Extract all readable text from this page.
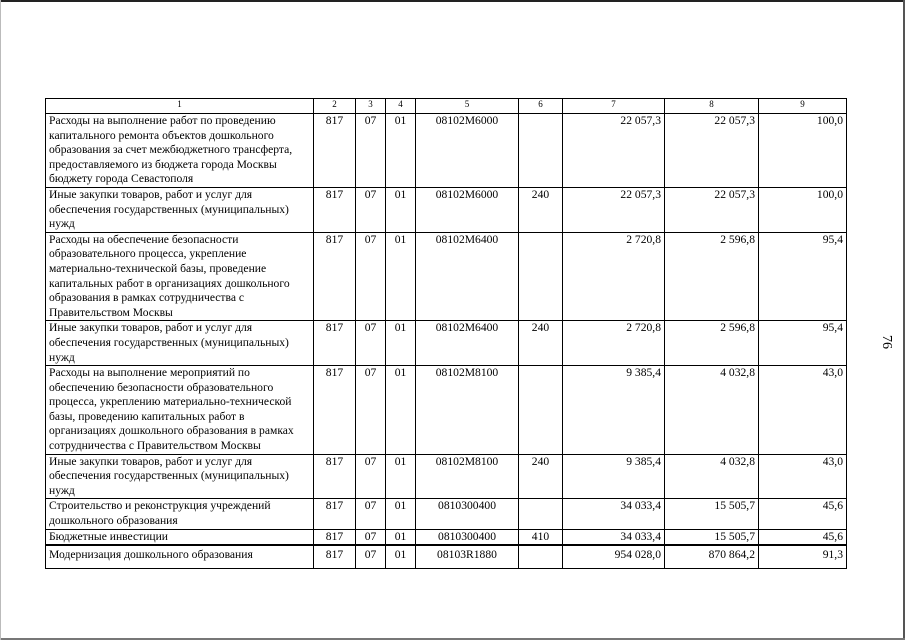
1	2	3	4	5	6	7	8	9
Расходы на выполнение работ по проведению капитального ремонта объектов дошкольного образования за счет межбюджетного трансферта, предоставляемого из бюджета города Москвы бюджету города Севастополя	817	07	01	08102М6000		22 057,3	22 057,3	100,0
Иные закупки товаров, работ и услуг для обеспечения государственных (муниципальных) нужд	817	07	01	08102М6000	240	22 057,3	22 057,3	100,0
Расходы на обеспечение безопасности образовательного процесса, укрепление материально-технической базы, проведение капитальных работ в организациях дошкольного образования в рамках сотрудничества с Правительством Москвы	817	07	01	08102М6400		2 720,8	2 596,8	95,4
Иные закупки товаров, работ и услуг для обеспечения государственных (муниципальных) нужд	817	07	01	08102М6400	240	2 720,8	2 596,8	95,4
Расходы на выполнение мероприятий по обеспечению безопасности образовательного процесса, укреплению материально-технической базы, проведению капитальных работ в организациях дошкольного образования в рамках сотрудничества с Правительством Москвы	817	07	01	08102М8100		9 385,4	4 032,8	43,0
Иные закупки товаров, работ и услуг для обеспечения государственных (муниципальных) нужд	817	07	01	08102М8100	240	9 385,4	4 032,8	43,0
Строительство и реконструкция учреждений дошкольного образования	817	07	01	0810300400		34 033,4	15 505,7	45,6
Бюджетные инвестиции	817	07	01	0810300400	410	34 033,4	15 505,7	45,6
Модернизация дошкольного образования	817	07	01	08103R1880		954 028,0	870 864,2	91,3
76
